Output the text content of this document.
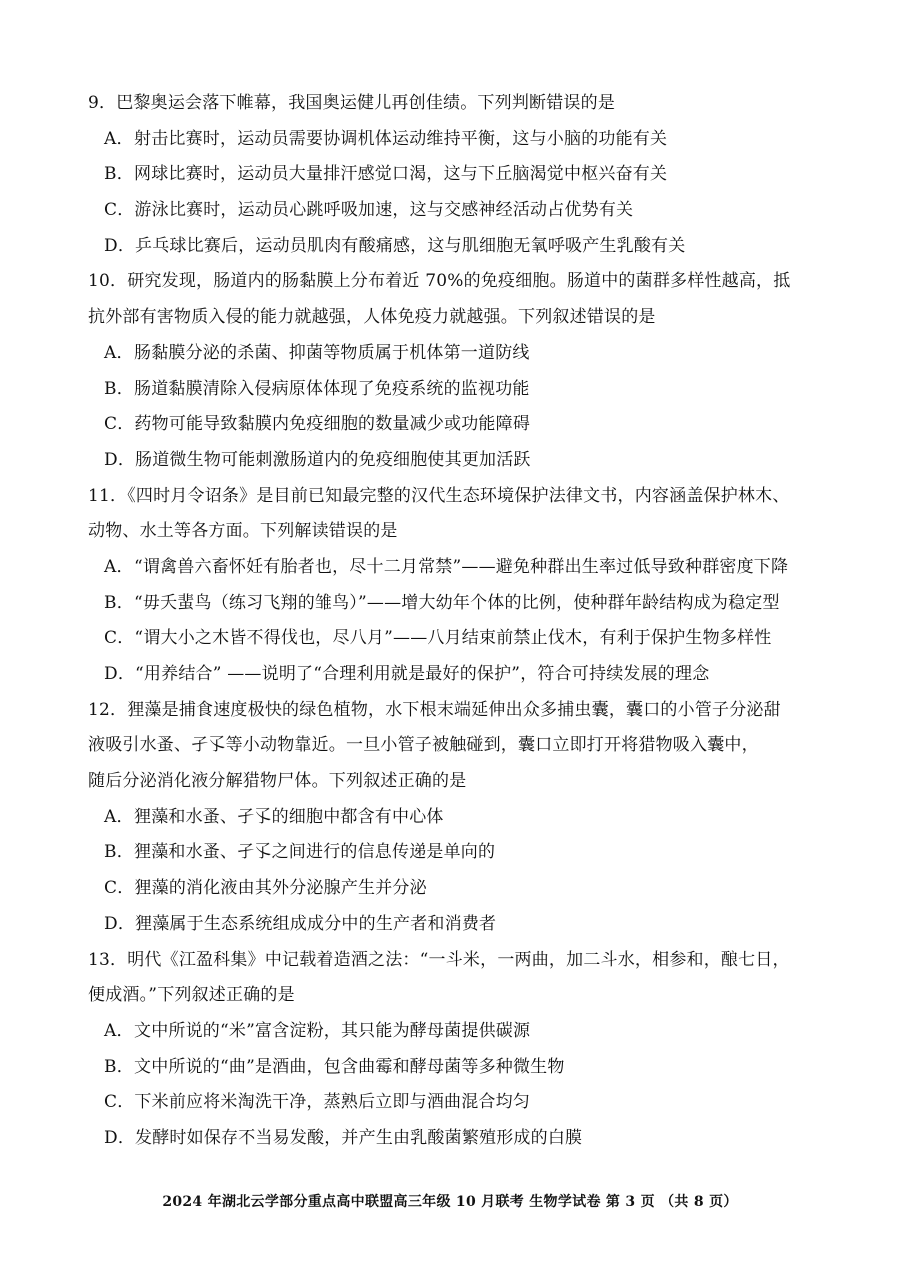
9．巴黎奥运会落下帷幕，我国奥运健儿再创佳绩。下列判断错误的是
A．射击比赛时，运动员需要协调机体运动维持平衡，这与小脑的功能有关
B．网球比赛时，运动员大量排汗感觉口渴，这与下丘脑渴觉中枢兴奋有关
C．游泳比赛时，运动员心跳呼吸加速，这与交感神经活动占优势有关
D．乒乓球比赛后，运动员肌肉有酸痛感，这与肌细胞无氧呼吸产生乳酸有关
10．研究发现，肠道内的肠黏膜上分布着近 70%的免疫细胞。肠道中的菌群多样性越高，抵
抗外部有害物质入侵的能力就越强，人体免疫力就越强。下列叙述错误的是
A．肠黏膜分泌的杀菌、抑菌等物质属于机体第一道防线
B．肠道黏膜清除入侵病原体体现了免疫系统的监视功能
C．药物可能导致黏膜内免疫细胞的数量减少或功能障碍
D．肠道微生物可能刺激肠道内的免疫细胞使其更加活跃
11．《四时月令诏条》是目前已知最完整的汉代生态环境保护法律文书，内容涵盖保护林木、
动物、水土等各方面。下列解读错误的是
A．“谓禽兽六畜怀妊有胎者也，尽十二月常禁”——避免种群出生率过低导致种群密度下降
B．“毋夭蜚鸟（练习飞翔的雏鸟）”——增大幼年个体的比例，使种群年龄结构成为稳定型
C．“谓大小之木皆不得伐也，尽八月”——八月结束前禁止伐木，有利于保护生物多样性
D．“用养结合” ——说明了“合理利用就是最好的保护”，符合可持续发展的理念
12．狸藻是捕食速度极快的绿色植物，水下根末端延伸出众多捕虫囊，囊口的小管子分泌甜
液吸引水蚤、孑孓等小动物靠近。一旦小管子被触碰到，囊口立即打开将猎物吸入囊中，
随后分泌消化液分解猎物尸体。下列叙述正确的是
A．狸藻和水蚤、孑孓的细胞中都含有中心体
B．狸藻和水蚤、孑孓之间进行的信息传递是单向的
C．狸藻的消化液由其外分泌腺产生并分泌
D．狸藻属于生态系统组成成分中的生产者和消费者
13．明代《江盈科集》中记载着造酒之法：“一斗米，一两曲，加二斗水，相参和，酿七日，
便成酒。”下列叙述正确的是
A．文中所说的“米”富含淀粉，其只能为酵母菌提供碳源
B．文中所说的“曲”是酒曲，包含曲霉和酵母菌等多种微生物
C．下米前应将米淘洗干净，蒸熟后立即与酒曲混合均匀
D．发酵时如保存不当易发酸，并产生由乳酸菌繁殖形成的白膜
2024 年湖北云学部分重点高中联盟高三年级 10 月联考 生物学试卷 第 3 页 （共 8 页）
